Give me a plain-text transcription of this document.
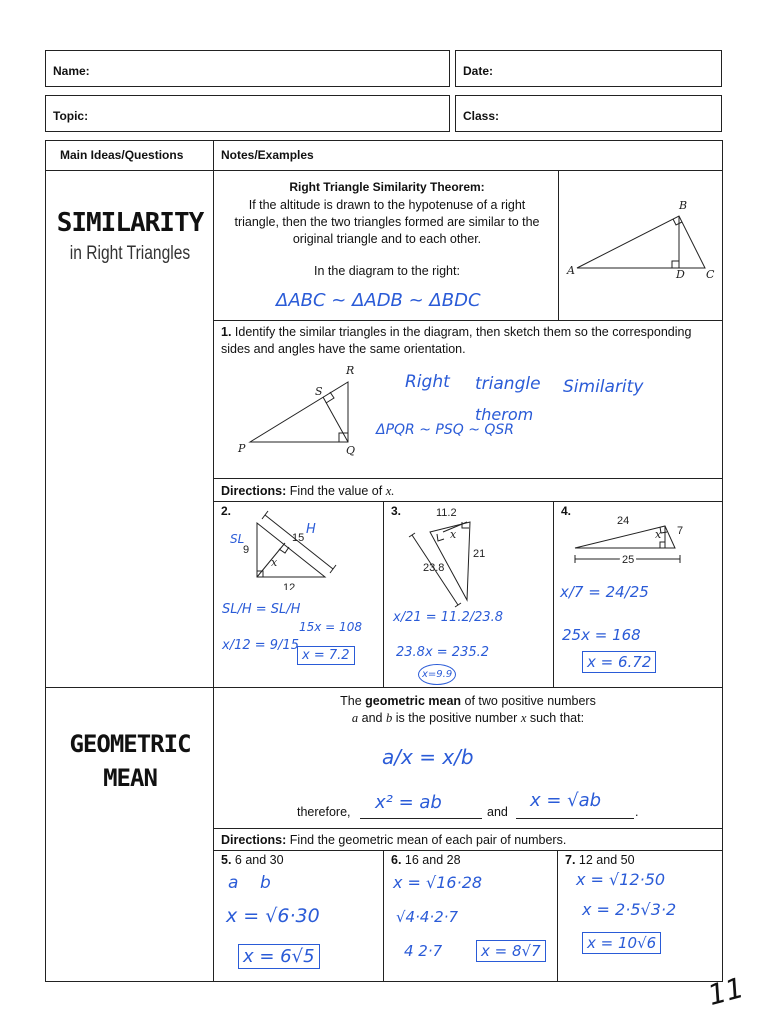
Name:	Date:
Topic:	Class:
Main Ideas/Questions	Notes/Examples
SIMILARITY
in Right Triangles
Right Triangle Similarity Theorem:
If the altitude is drawn to the hypotenuse of a right triangle, then the two triangles formed are similar to the original triangle and to each other.
In the diagram to the right:
ΔABC ~ ΔADB ~ ΔBDC
A
B
C
D
1. Identify the similar triangles in the diagram, then sketch them so the corresponding sides and angles have the same orientation.
P	Q
R
S	Right triangle Similarity
therom
ΔPQR ~ PSQ ~ QSR
Directions: Find the value of x.
2.
9
15
12
x
SL
H
SL/H = SL/H
x/12 = 9/15
15x = 108
x = 7.2
3.	11.2
21
23.8
x
x/21 = 11.2/23.8
23.8x = 235.2
x=9.9
4.
24
7
25
x
x/7 = 24/25
25x = 168
x = 6.72
GEOMETRIC
MEAN
The geometric mean of two positive numbers
a and b is the positive number x such that:
a/x = x/b
therefore, x² = ab	and
x = √ab
.
Directions: Find the geometric mean of each pair of numbers.
5. 6 and 30
a    b
x = √6·30
x = 6√5
6. 16 and 28
x = √16·28
√4·4·2·7
4 2·7	x = 8√7
7. 12 and 50
x = √12·50
x = 2·5√3·2
x = 10√6
11
